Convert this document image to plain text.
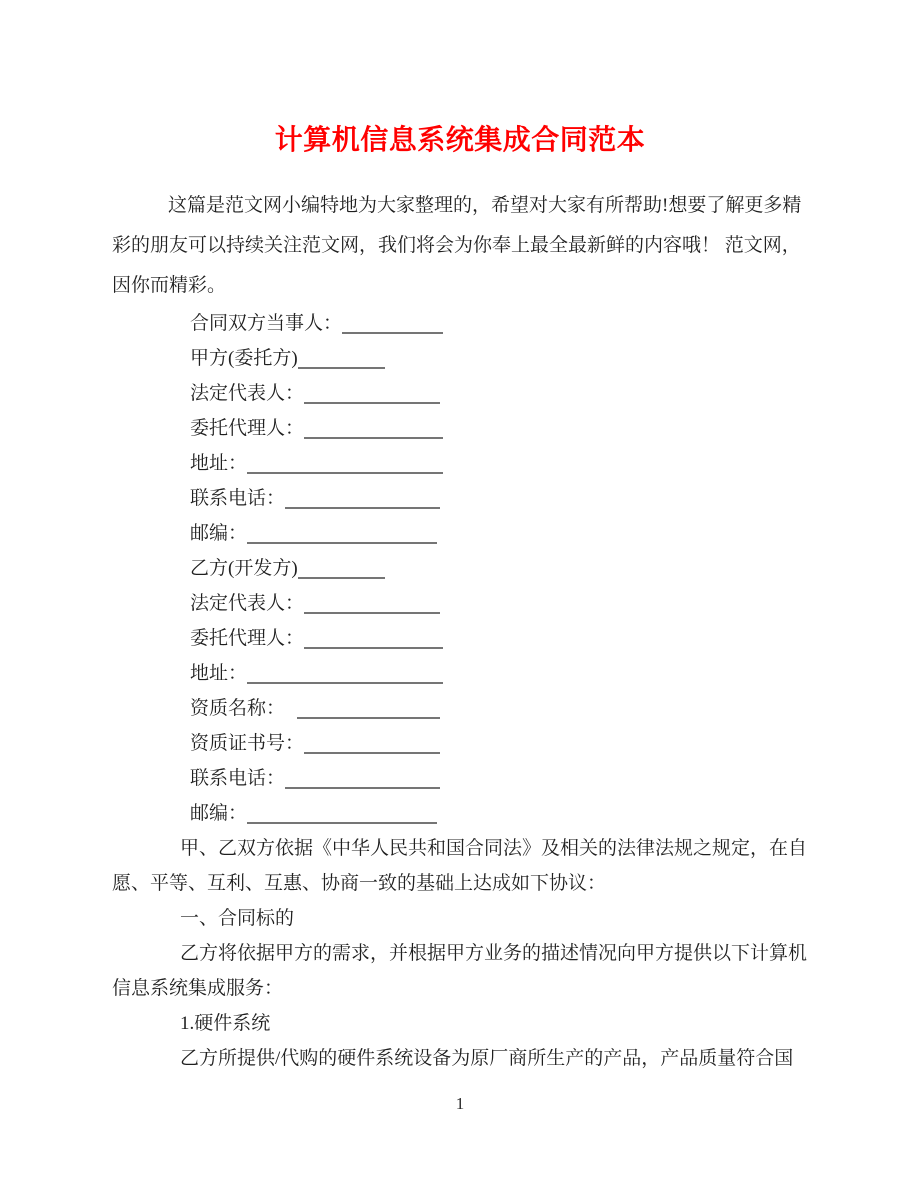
计算机信息系统集成合同范本
这篇是范文网小编特地为大家整理的，希望对大家有所帮助!想要了解更多精
彩的朋友可以持续关注范文网，我们将会为你奉上最全最新鲜的内容哦！ 范文网，
因你而精彩。
合同双方当事人：
甲方(委托方)
法定代表人：
委托代理人：
地址：
联系电话：
邮编：
乙方(开发方)
法定代表人：
委托代理人：
地址：
资质名称：
资质证书号：
联系电话：
邮编：
甲、乙双方依据《中华人民共和国合同法》及相关的法律法规之规定，在自
愿、平等、互利、互惠、协商一致的基础上达成如下协议：
一、合同标的
乙方将依据甲方的需求，并根据甲方业务的描述情况向甲方提供以下计算机
信息系统集成服务：
1.硬件系统
乙方所提供/代购的硬件系统设备为原厂商所生产的产品，产品质量符合国
1
